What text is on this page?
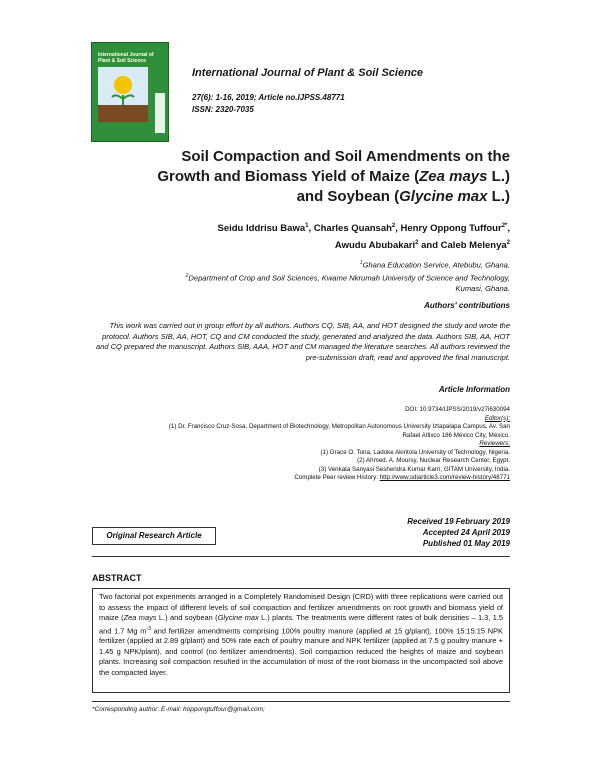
International Journal of Plant & Soil Science
International Journal of Plant & Soil Science
27(6): 1-16, 2019; Article no.IJPSS.48771
ISSN: 2320-7035
Soil Compaction and Soil Amendments on the
Growth and Biomass Yield of Maize (Zea mays L.)
and Soybean (Glycine max L.)
Seidu Iddrisu Bawa$^1$, Charles Quansah$^2$, Henry Oppong Tuffour$^{2*}$,
Awudu Abubakari$^2$ and Caleb Melenya$^2$
$^1$Ghana Education Service, Atebubu, Ghana.
$^2$Department of Crop and Soil Sciences, Kwame Nkrumah University of Science and Technology,
Kumasi, Ghana.
Authors' contributions
This work was carried out in group effort by all authors. Authors CQ, SIB, AA, and HOT designed the study and wrote the protocol. Authors SIB, AA, HOT, CQ and CM conducted the study, generated and analyzed the data. Authors SIB, AA, HOT and CQ prepared the manuscript. Authors SIB, AAA, HOT and CM managed the literature searches. All authors reviewed the pre-submission draft, read and approved the final manuscript.
Article Information
DOI: 10.9734/IJPSS/2019/v27i630094
Editor(s):
(1) Dr. Francisco Cruz-Sosa, Department of Biotechnology, Metropolitan Autonomous University Iztapalapa Campus, Av. San
Rafael Atlixco 186 México City, México.
Reviewers:
(1) Grace O. Tona, Ladoke Akintola University of Technology, Nigeria.
(2) Ahmed. A. Moursy, Nuclear Research Center, Egypt.
(3) Venkata Sanyasi Seshendra Kumar Karri, GITAM University, India.
Complete Peer review History: http://www.sdiarticle3.com/review-history/48771
Original Research Article
Received 19 February 2019
Accepted 24 April 2019
Published 01 May 2019
ABSTRACT
Two factorial pot experiments arranged in a Completely Randomised Design (CRD) with three replications were carried out to assess the impact of different levels of soil compaction and fertilizer amendments on root growth and biomass yield of maize (Zea mays L.) and soybean (Glycine max L.) plants. The treatments were different rates of bulk densities – 1.3, 1.5 and 1.7 Mg $m^{-3}$ and fertilizer amendments comprising 100% poultry manure (applied at 15 g/plant), 100% 15:15:15 NPK fertilizer (applied at 2.89 g/plant) and 50% rate each of poultry manure and NPK fertilizer (applied at 7.5 g poultry manure + 1.45 g NPK/plant), and control (no fertilizer amendments). Soil compaction reduced the heights of maize and soybean plants. Increasing soil compaction resulted in the accumulation of most of the root biomass in the uncompacted soil above the compacted layer.
*Corresponding author: E-mail: hoppongtuffour@gmail.com;
